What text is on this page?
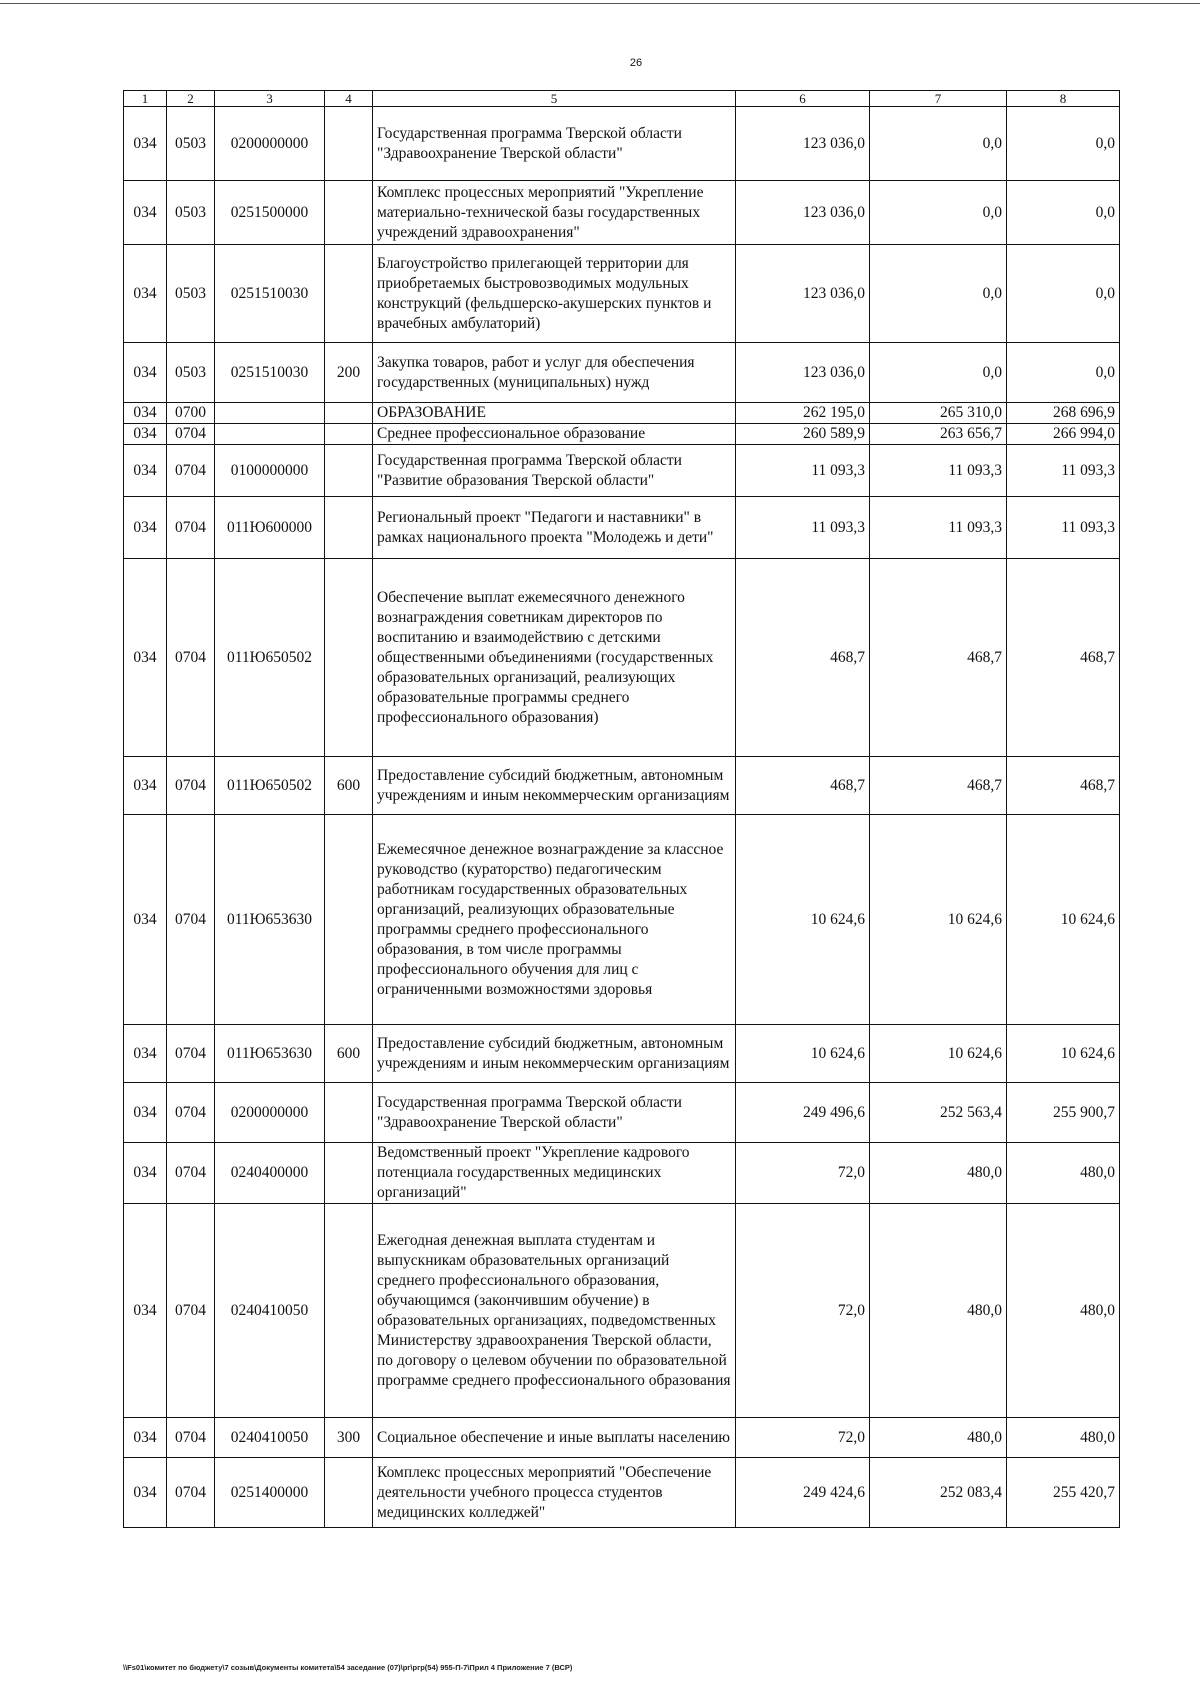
26
1	2	3	4	5	6	7	8
034	0503	0200000000		Государственная программа Тверской области "Здравоохранение Тверской области"	123 036,0	0,0	0,0
034	0503	0251500000		Комплекс процессных мероприятий "Укрепление материально-технической базы государственных учреждений здравоохранения"	123 036,0	0,0	0,0
034	0503	0251510030		Благоустройство прилегающей территории для приобретаемых быстровозводимых модульных конструкций (фельдшерско-акушерских пунктов и врачебных амбулаторий)	123 036,0	0,0	0,0
034	0503	0251510030	200	Закупка товаров, работ и услуг для обеспечения государственных (муниципальных) нужд	123 036,0	0,0	0,0
034	0700			ОБРАЗОВАНИЕ	262 195,0	265 310,0	268 696,9
034	0704			Среднее профессиональное образование	260 589,9	263 656,7	266 994,0
034	0704	0100000000		Государственная программа Тверской области "Развитие образования Тверской области"	11 093,3	11 093,3	11 093,3
034	0704	011Ю600000		Региональный проект "Педагоги и наставники" в рамках национального проекта "Молодежь и дети"	11 093,3	11 093,3	11 093,3
034	0704	011Ю650502		Обеспечение выплат ежемесячного денежного вознаграждения советникам директоров по воспитанию и взаимодействию с детскими общественными объединениями (государственных образовательных организаций, реализующих образовательные программы среднего профессионального образования)	468,7	468,7	468,7
034	0704	011Ю650502	600	Предоставление субсидий бюджетным, автономным учреждениям и иным некоммерческим организациям	468,7	468,7	468,7
034	0704	011Ю653630		Ежемесячное денежное вознаграждение за классное руководство (кураторство) педагогическим работникам государственных образовательных организаций, реализующих образовательные программы среднего профессионального образования, в том числе программы профессионального обучения для лиц с ограниченными возможностями здоровья	10 624,6	10 624,6	10 624,6
034	0704	011Ю653630	600	Предоставление субсидий бюджетным, автономным учреждениям и иным некоммерческим организациям	10 624,6	10 624,6	10 624,6
034	0704	0200000000		Государственная программа Тверской области "Здравоохранение Тверской области"	249 496,6	252 563,4	255 900,7
034	0704	0240400000		Ведомственный проект "Укрепление кадрового потенциала государственных медицинских организаций"	72,0	480,0	480,0
034	0704	0240410050		Ежегодная денежная выплата студентам и выпускникам образовательных организаций среднего профессионального образования, обучающимся (закончившим обучение) в образовательных организациях, подведомственных Министерству здравоохранения Тверской области, по договору о целевом обучении по образовательной программе среднего профессионального образования	72,0	480,0	480,0
034	0704	0240410050	300	Социальное обеспечение и иные выплаты населению	72,0	480,0	480,0
034	0704	0251400000		Комплекс процессных мероприятий "Обеспечение деятельности учебного процесса студентов медицинских колледжей"	249 424,6	252 083,4	255 420,7
\\Fs01\комитет по бюджету\7 созыв\Документы комитета\54 заседание (07)\рг\ргр(54) 955-П-7\Прил 4 Приложение 7 (ВСР)
